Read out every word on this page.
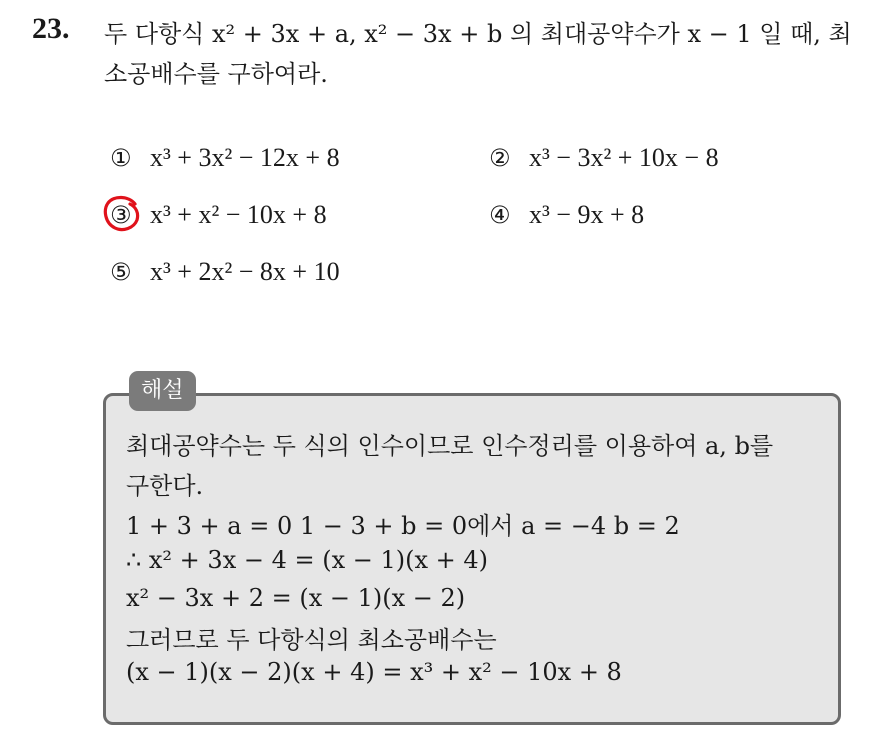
23. 두 다항식 x² + 3x + a, x² − 3x + b 의 최대공약수가 x − 1 일 때, 최소공배수를 구하여라.
① x³ + 3x² − 12x + 8	② x³ − 3x² + 10x − 8
③ x³ + x² − 10x + 8	④ x³ − 9x + 8
⑤ x³ + 2x² − 8x + 10
해설
최대공약수는 두 식의 인수이므로 인수정리를 이용하여 a, b를
구한다.
1 + 3 + a = 0 1 − 3 + b = 0에서 a = −4 b = 2
∴ x² + 3x − 4 = (x − 1)(x + 4)
x² − 3x + 2 = (x − 1)(x − 2)
그러므로 두 다항식의 최소공배수는
(x − 1)(x − 2)(x + 4) = x³ + x² − 10x + 8
